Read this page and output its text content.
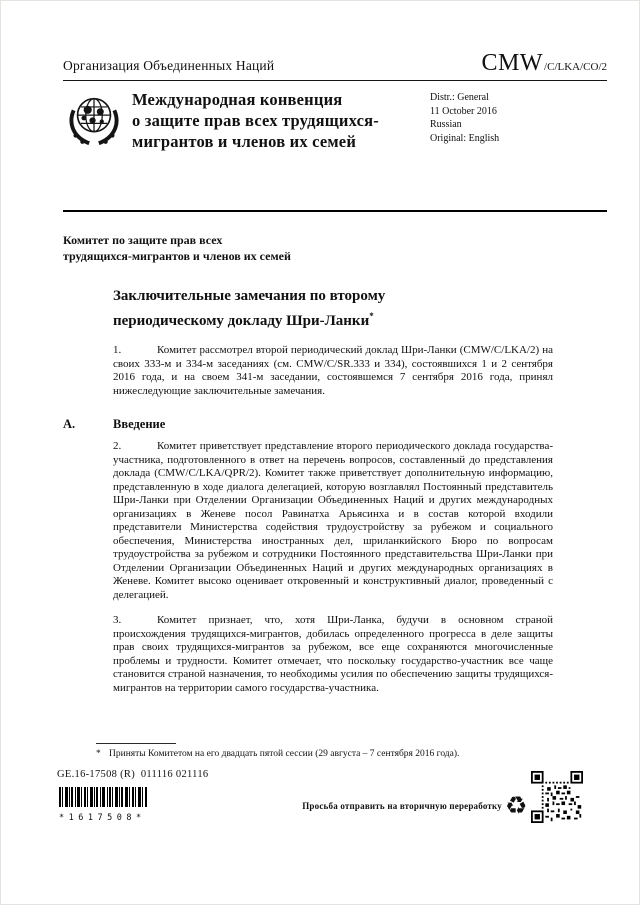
Организация Объединенных Наций	CMW /C/LKA/CO/2
Международная конвенция
о защите прав всех трудящихся-
мигрантов и членов их семей
Distr.: General
11 October 2016
Russian
Original: English
Комитет по защите прав всех
трудящихся-мигрантов и членов их семей
Заключительные замечания по второму
периодическому докладу Шри-Ланки*

1.	Комитет рассмотрел второй периодический доклад Шри-Ланки (CMW/C/LKA/2) на своих 333-м и 334-м заседаниях (см. CMW/C/SR.333 и 334), состоявшихся 1 и 2 сентября 2016 года, и на своем 341-м заседании, состоявшемся 7 сентября 2016 года, принял нижеследующие заключительные замечания.

A.	Введение

2.	Комитет приветствует представление второго периодического доклада государства-участника, подготовленного в ответ на перечень вопросов, составленный до представления доклада (CMW/C/LKA/QPR/2). Комитет также приветствует дополнительную информацию, представленную в ходе диалога делегацией, которую возглавлял Постоянный представитель Шри-Ланки при Отделении Организации Объединенных Наций и других международных организациях в Женеве посол Равинатха Арьясинха и в состав которой входили представители Министерства содействия трудоустройству за рубежом и социального обеспечения, Министерства иностранных дел, шриланкийского Бюро по вопросам трудоустройства за рубежом и сотрудники Постоянного представительства Шри-Ланки при Отделении Организации Объединенных Наций и других международных организациях в Женеве. Комитет высоко оценивает откровенный и конструктивный диалог, проведенный с делегацией.

3.	Комитет признает, что, хотя Шри-Ланка, будучи в основном страной происхождения трудящихся-мигрантов, добилась определенного прогресса в деле защиты прав своих трудящихся-мигрантов за рубежом, все еще сохраняются многочисленные проблемы и трудности. Комитет отмечает, что поскольку государство-участник все чаще становится страной назначения, то необходимы усилия по обеспечению защиты трудящихся-мигрантов на территории самого государства-участника.

* Приняты Комитетом на его двадцать пятой сессии (29 августа – 7 сентября 2016 года).
GE.16-17508 (R)  011116 021116
*1617508*
Просьба отправить на вторичную переработку ♻
